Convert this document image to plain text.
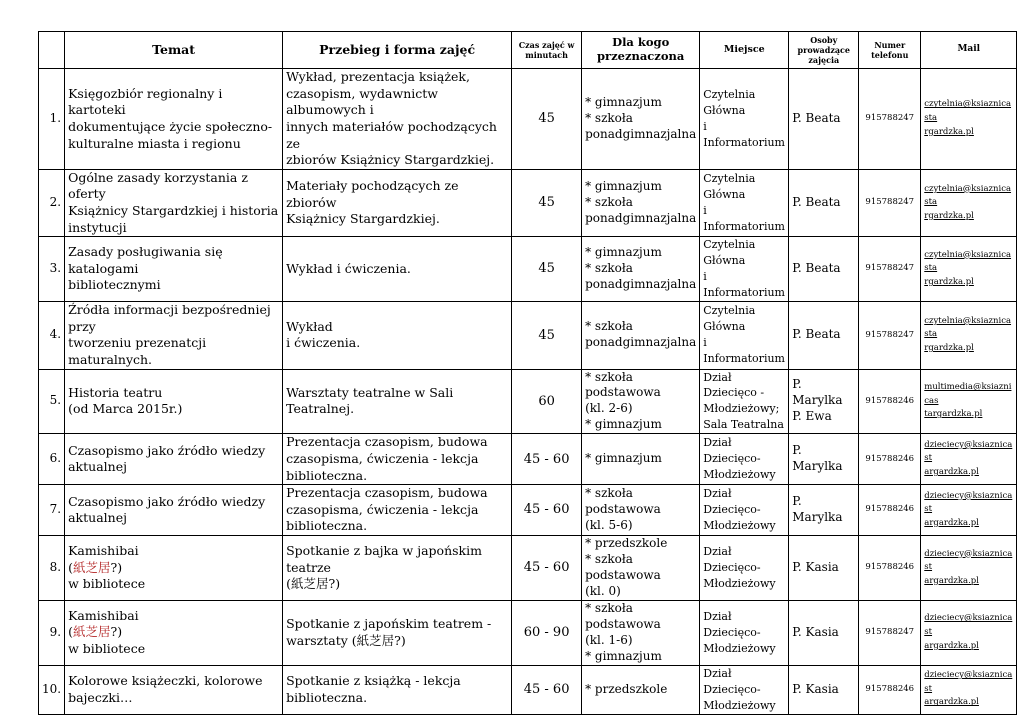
	Temat	Przebieg i forma zajęć	Czas zajęć w minutach	Dla kogo przeznaczona	Miejsce	Osoby prowadzące zajęcia	Numer telefonu	Mail
1.	Księgozbiór regionalny i kartoteki
dokumentujące życie społeczno-
kulturalne miasta i regionu	Wykład, prezentacja książek,
czasopism, wydawnictw albumowych i
innych materiałów pochodzących ze
zbiorów Książnicy Stargardzkiej.	45	* gimnazjum
* szkoła
ponadgimnazjalna	Czytelnia Główna
i Informatorium	P. Beata	915788247	czytelnia@ksiaznicasta
rgardzka.pl

2.	Ogólne zasady korzystania z oferty
Książnicy Stargardzkiej i historia
instytucji	Materiały pochodzących ze zbiorów
Książnicy Stargardzkiej.	45	* gimnazjum
* szkoła
ponadgimnazjalna	Czytelnia Główna
i Informatorium	P. Beata	915788247	czytelnia@ksiaznicasta
rgardzka.pl

3.	Zasady posługiwania się katalogami
bibliotecznymi	Wykład i ćwiczenia.	45	* gimnazjum
* szkoła
ponadgimnazjalna	Czytelnia Główna
i Informatorium	P. Beata	915788247	czytelnia@ksiaznicasta
rgardzka.pl

4.	Źródła informacji bezpośredniej przy
tworzeniu prezenatcji maturalnych.	Wykład
i ćwiczenia.	45	* szkoła
ponadgimnazjalna	Czytelnia Główna
i Informatorium	P. Beata	915788247	czytelnia@ksiaznicasta
rgardzka.pl

5.	Historia teatru
(od Marca 2015r.)	Warsztaty teatralne w Sali Teatralnej.	60	* szkoła podstawowa
(kl. 2-6)
* gimnazjum	Dział Dziecięco -
Młodzieżowy;
Sala Teatralna	P. Marylka
P. Ewa	915788246	multimedia@ksiaznicas
targardzka.pl

6.	Czasopismo jako źródło wiedzy
aktualnej	Prezentacja czasopism, budowa
czasopisma, ćwiczenia - lekcja
biblioteczna.	45 - 60	* gimnazjum	Dział Dziecięco-
Młodzieżowy	P. Marylka	915788246	dzieciecy@ksiaznicast
argardzka.pl

7.	Czasopismo jako źródło wiedzy
aktualnej	Prezentacja czasopism, budowa
czasopisma, ćwiczenia - lekcja
biblioteczna.	45 - 60	* szkoła podstawowa
(kl. 5-6)	Dział Dziecięco-
Młodzieżowy	P. Marylka	915788246	dzieciecy@ksiaznicast
argardzka.pl

8.	Kamishibai
(紙芝居?)
w bibliotece	Spotkanie z bajka w japońskim teatrze
(紙芝居?)	45 - 60	* przedszkole
* szkoła podstawowa
(kl. 0)	Dział Dziecięco-
Młodzieżowy	P. Kasia	915788246	dzieciecy@ksiaznicast
argardzka.pl

9.	Kamishibai
(紙芝居?)
w bibliotece	Spotkanie z japońskim teatrem -
warsztaty (紙芝居?)	60 - 90	* szkoła podstawowa
(kl. 1-6)
* gimnazjum	Dział Dziecięco-
Młodzieżowy	P. Kasia	915788247	dzieciecy@ksiaznicast
argardzka.pl

10.	Kolorowe książeczki, kolorowe
bajeczki…	Spotkanie z książką - lekcja
biblioteczna.	45 - 60	* przedszkole	Dział Dziecięco-
Młodzieżowy	P. Kasia	915788246	dzieciecy@ksiaznicast
argardzka.pl
